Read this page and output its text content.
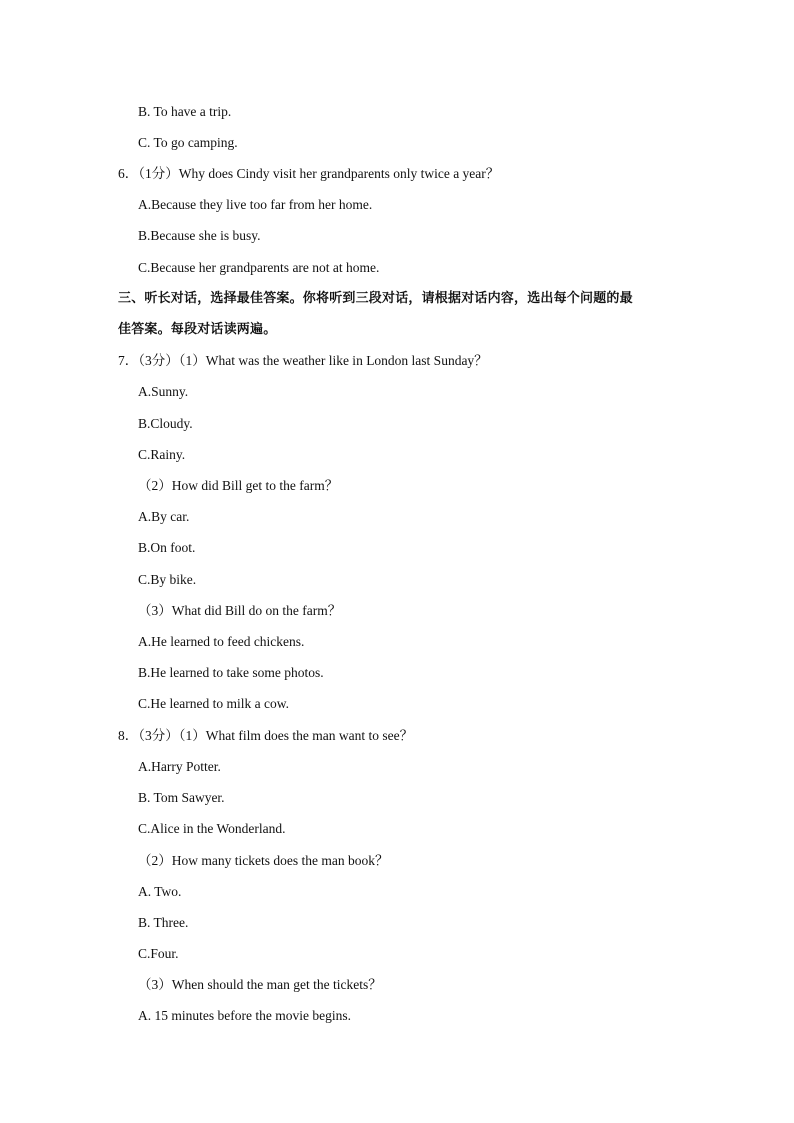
B. To have a trip.
C. To go camping.
6．（1分）Why does Cindy visit her grandparents only twice a year？
A.Because they live too far from her home.
B.Because she is busy.
C.Because her grandparents are not at home.
三、听长对话，选择最佳答案。你将听到三段对话，请根据对话内容，选出每个问题的最
佳答案。每段对话读两遍。
7．（3分）（1）What was the weather like in London last Sunday？
A.Sunny.
B.Cloudy.
C.Rainy.
（2）How did Bill get to the farm？
A.By car.
B.On foot.
C.By bike.
（3）What did Bill do on the farm？
A.He learned to feed chickens.
B.He learned to take some photos.
C.He learned to milk a cow.
8．（3分）（1）What film does the man want to see？
A.Harry Potter.
B. Tom Sawyer.
C.Alice in the Wonderland.
（2）How many tickets does the man book？
A. Two.
B. Three.
C.Four.
（3）When should the man get the tickets？
A. 15 minutes before the movie begins.
